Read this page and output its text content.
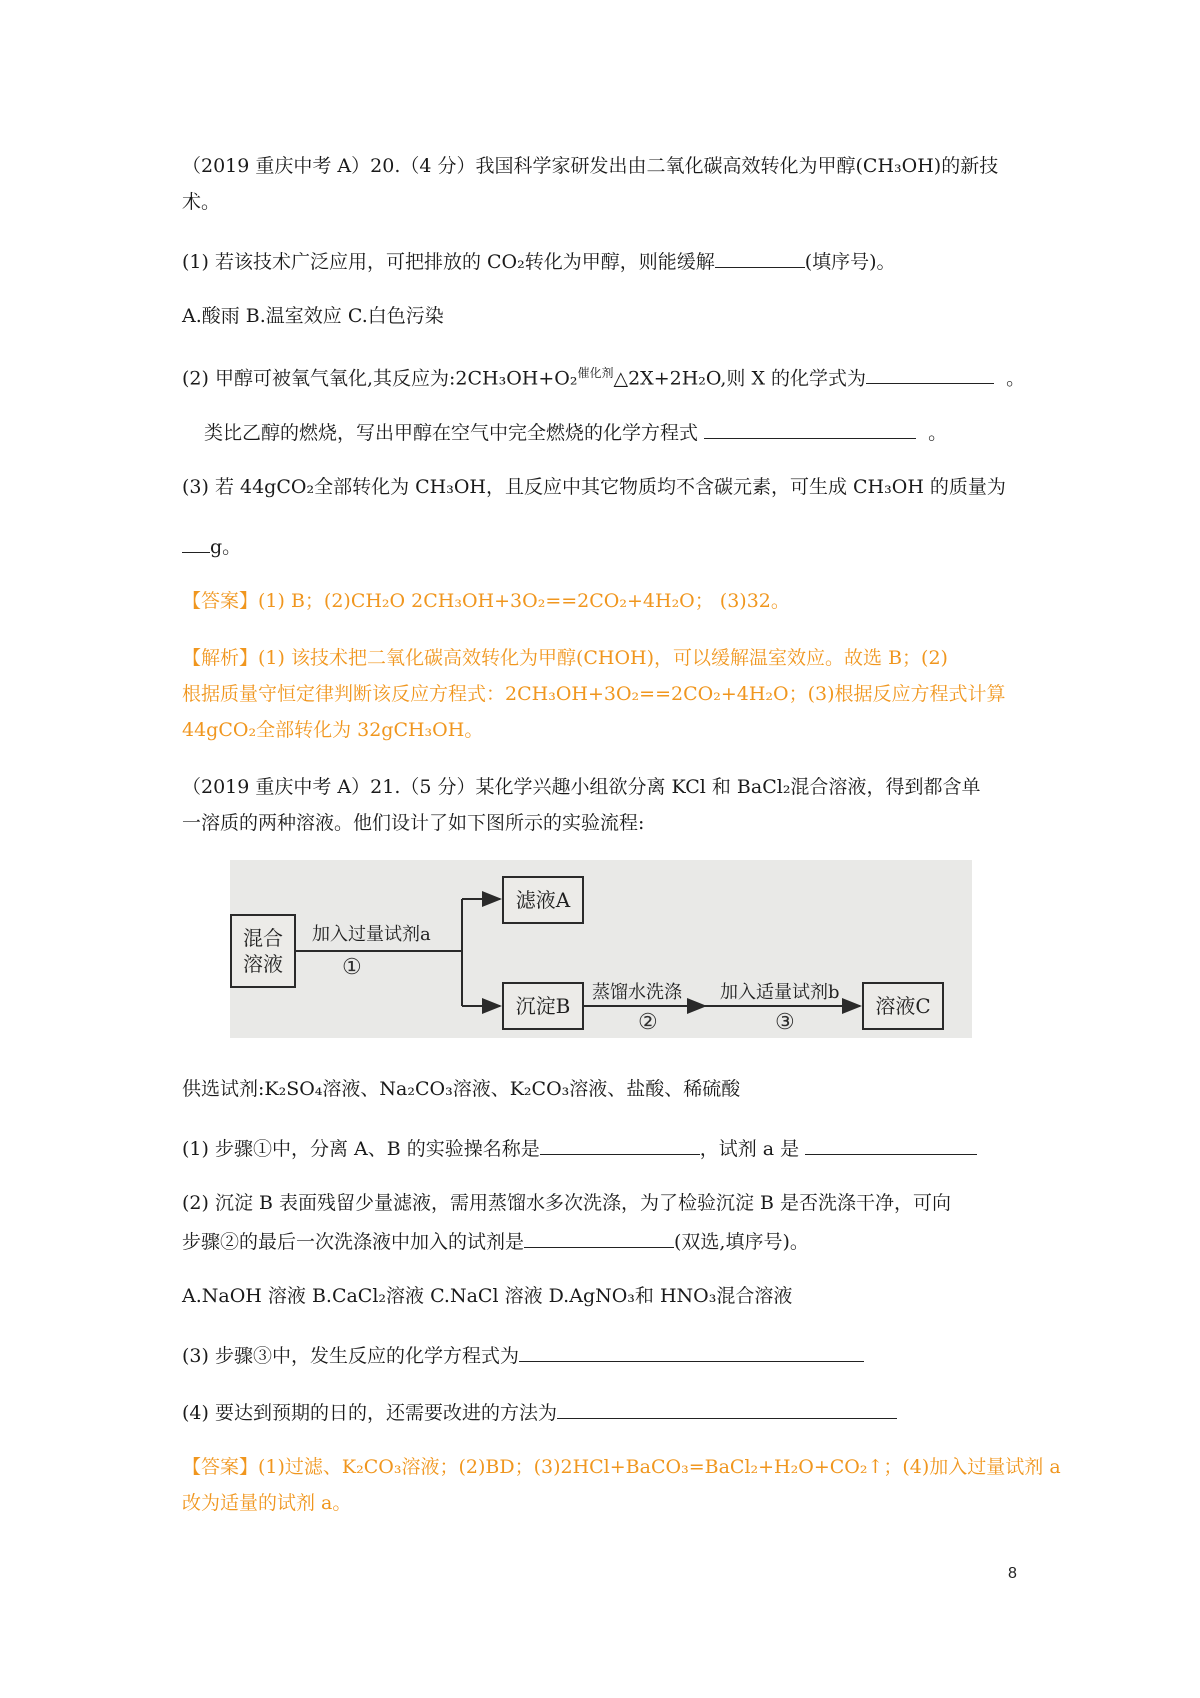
（2019 重庆中考 A）20.（4 分）我国科学家研发出由二氧化碳高效转化为甲醇(CH₃OH)的新技
术。
(1) 若该技术广泛应用，可把排放的 CO₂转化为甲醇，则能缓解	(填序号)。
A.酸雨 B.温室效应 C.白色污染
(2) 甲醇可被氧气氧化,其反应为:2CH₃OH+O₂$^{催化剂}$△2X+2H₂O,则 X 的化学式为	。
类比乙醇的燃烧，写出甲醇在空气中完全燃烧的化学方程式	。
(3) 若 44gCO₂全部转化为 CH₃OH，且反应中其它物质均不含碳元素，可生成 CH₃OH 的质量为
g。
【答案】(1) B；(2)CH₂O 2CH₃OH+3O₂==2CO₂+4H₂O； (3)32。
【解析】(1) 该技术把二氧化碳高效转化为甲醇(CHOH)，可以缓解温室效应。故选 B；(2)
根据质量守恒定律判断该反应方程式：2CH₃OH+3O₂==2CO₂+4H₂O；(3)根据反应方程式计算
44gCO₂全部转化为 32gCH₃OH。
（2019 重庆中考 A）21.（5 分）某化学兴趣小组欲分离 KCl 和 BaCl₂混合溶液，得到都含单
一溶质的两种溶液。他们设计了如下图所示的实验流程:
混合
溶液
滤液A
沉淀B	溶液C
加入过量试剂a
①
蒸馏水洗涤
②
加入适量试剂b
③
供选试剂:K₂SO₄溶液、Na₂CO₃溶液、K₂CO₃溶液、盐酸、稀硫酸
(1) 步骤①中，分离 A、B 的实验操名称是	，试剂 a 是
(2) 沉淀 B 表面残留少量滤液，需用蒸馏水多次洗涤，为了检验沉淀 B 是否洗涤干净，可向
步骤②的最后一次洗涤液中加入的试剂是	(双选,填序号)。
A.NaOH 溶液 B.CaCl₂溶液 C.NaCl 溶液 D.AgNO₃和 HNO₃混合溶液
(3) 步骤③中，发生反应的化学方程式为
(4) 要达到预期的日的，还需要改进的方法为
【答案】(1)过滤、K₂CO₃溶液；(2)BD；(3)2HCl+BaCO₃=BaCl₂+H₂O+CO₂↑；(4)加入过量试剂 a
改为适量的试剂 a。
8
